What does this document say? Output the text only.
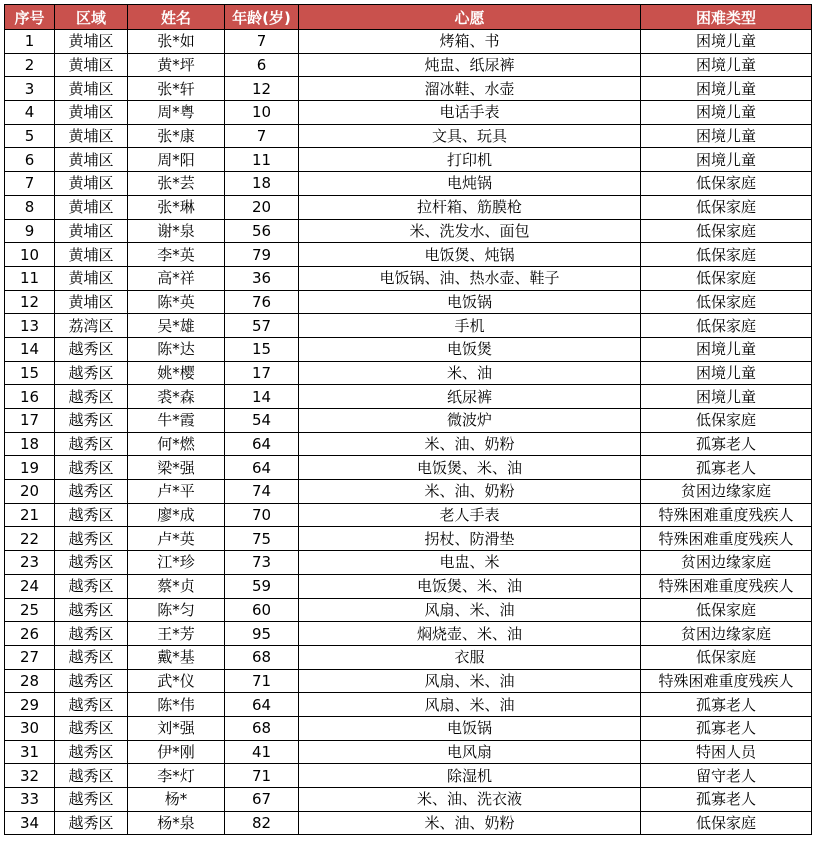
序号	区域	姓名	年龄(岁)	心愿	困难类型
1	黄埔区	张*如	7	烤箱、书	困境儿童
2	黄埔区	黄*坪	6	炖盅、纸尿裤	困境儿童
3	黄埔区	张*轩	12	溜冰鞋、水壶	困境儿童
4	黄埔区	周*粤	10	电话手表	困境儿童
5	黄埔区	张*康	7	文具、玩具	困境儿童
6	黄埔区	周*阳	11	打印机	困境儿童
7	黄埔区	张*芸	18	电炖锅	低保家庭
8	黄埔区	张*琳	20	拉杆箱、筋膜枪	低保家庭
9	黄埔区	谢*泉	56	米、洗发水、面包	低保家庭
10	黄埔区	李*英	79	电饭煲、炖锅	低保家庭
11	黄埔区	高*祥	36	电饭锅、油、热水壶、鞋子	低保家庭
12	黄埔区	陈*英	76	电饭锅	低保家庭
13	荔湾区	吴*雄	57	手机	低保家庭
14	越秀区	陈*达	15	电饭煲	困境儿童
15	越秀区	姚*樱	17	米、油	困境儿童
16	越秀区	裘*森	14	纸尿裤	困境儿童
17	越秀区	牛*霞	54	微波炉	低保家庭
18	越秀区	何*燃	64	米、油、奶粉	孤寡老人
19	越秀区	梁*强	64	电饭煲、米、油	孤寡老人
20	越秀区	卢*平	74	米、油、奶粉	贫困边缘家庭
21	越秀区	廖*成	70	老人手表	特殊困难重度残疾人
22	越秀区	卢*英	75	拐杖、防滑垫	特殊困难重度残疾人
23	越秀区	江*珍	73	电盅、米	贫困边缘家庭
24	越秀区	蔡*贞	59	电饭煲、米、油	特殊困难重度残疾人
25	越秀区	陈*匀	60	风扇、米、油	低保家庭
26	越秀区	王*芳	95	焖烧壶、米、油	贫困边缘家庭
27	越秀区	戴*基	68	衣服	低保家庭
28	越秀区	武*仪	71	风扇、米、油	特殊困难重度残疾人
29	越秀区	陈*伟	64	风扇、米、油	孤寡老人
30	越秀区	刘*强	68	电饭锅	孤寡老人
31	越秀区	伊*刚	41	电风扇	特困人员
32	越秀区	李*灯	71	除湿机	留守老人
33	越秀区	杨*	67	米、油、洗衣液	孤寡老人
34	越秀区	杨*泉	82	米、油、奶粉	低保家庭
